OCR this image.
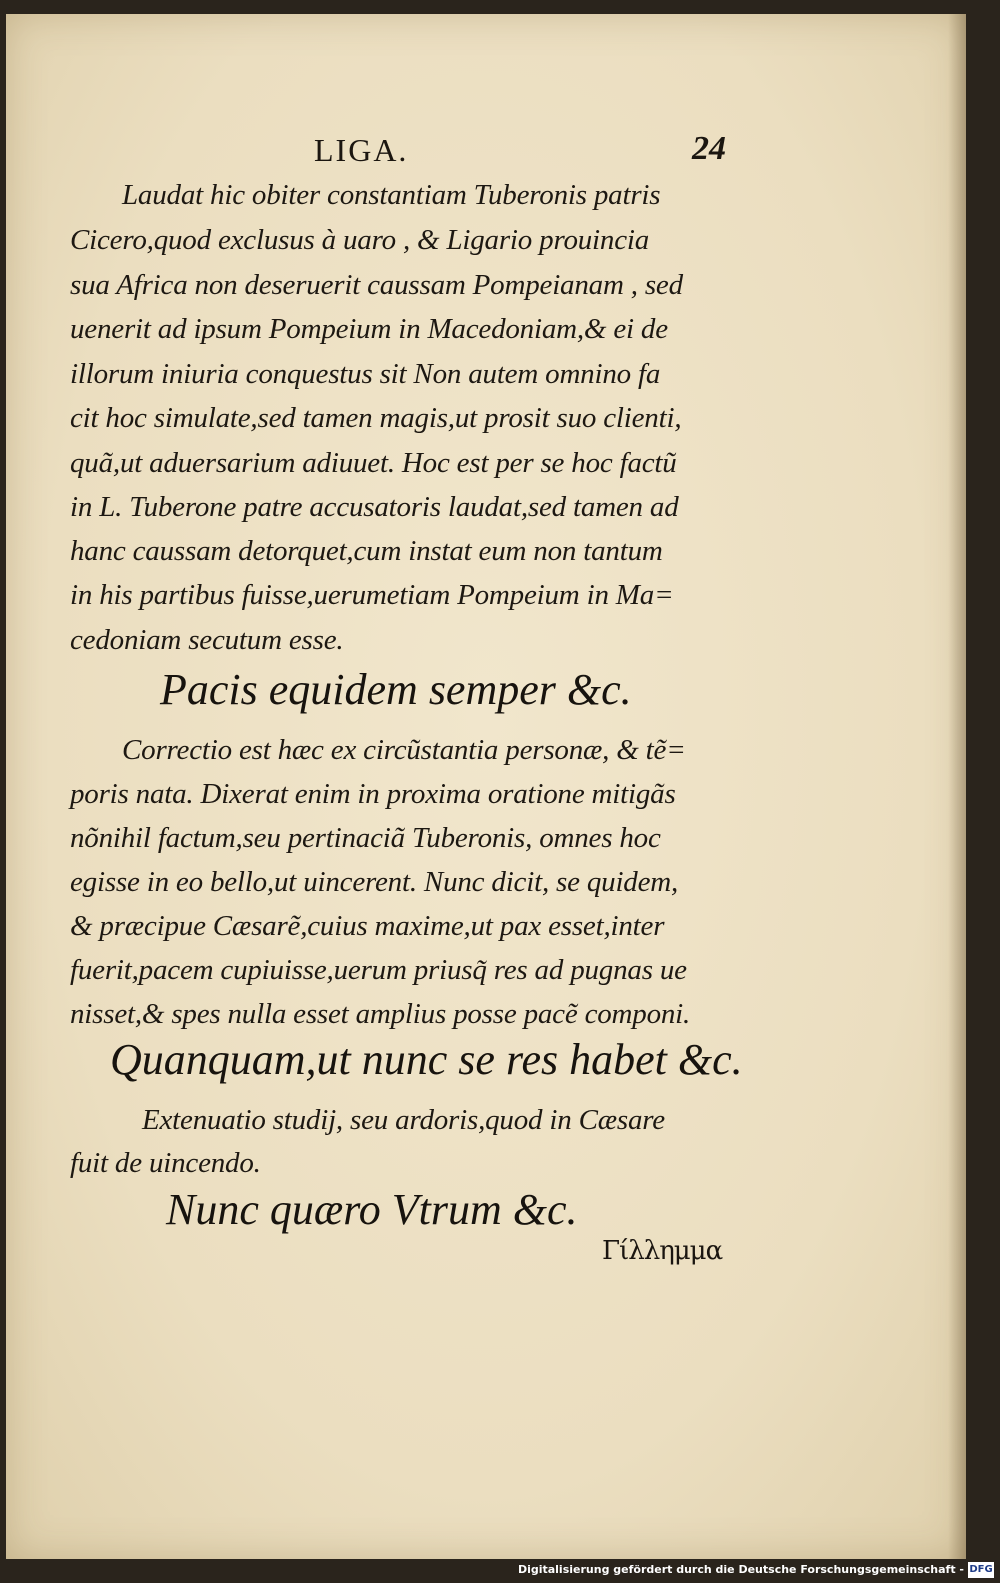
LIGA.	24
Laudat hic obiter constantiam Tuberonis patris
Cicero,quod exclusus à uaro , & Ligario prouincia
sua Africa non deseruerit caussam Pompeianam , sed
uenerit ad ipsum Pompeium in Macedoniam,& ei de
illorum iniuria conquestus sit Non autem omnino fa
cit hoc simulate,sed tamen magis,ut prosit suo clienti,
quã,ut aduersarium adiuuet. Hoc est per se hoc factũ
in L. Tuberone patre accusatoris laudat,sed tamen ad
hanc caussam detorquet,cum instat eum non tantum
in his partibus fuisse,uerumetiam Pompeium in Ma=
cedoniam secutum esse.
Pacis equidem semper &c.
Correctio est hæc ex circũstantia personæ, & tẽ=
poris nata. Dixerat enim in proxima oratione mitigãs
nõnihil factum,seu pertinaciã Tuberonis, omnes hoc
egisse in eo bello,ut uincerent. Nunc dicit, se quidem,
& præcipue Cæsarẽ,cuius maxime,ut pax esset,inter
fuerit,pacem cupiuisse,uerum priusq̃ res ad pugnas ue
nisset,& spes nulla esset amplius posse pacẽ componi.
Quanquam,ut nunc se res habet &c.
Extenuatio studij, seu ardoris,quod in Cæsare
fuit de uincendo.
Nunc quæro Vtrum &c.
Γίλλημμα
Digitalisierung gefördert durch die Deutsche Forschungsgemeinschaft - DFG
